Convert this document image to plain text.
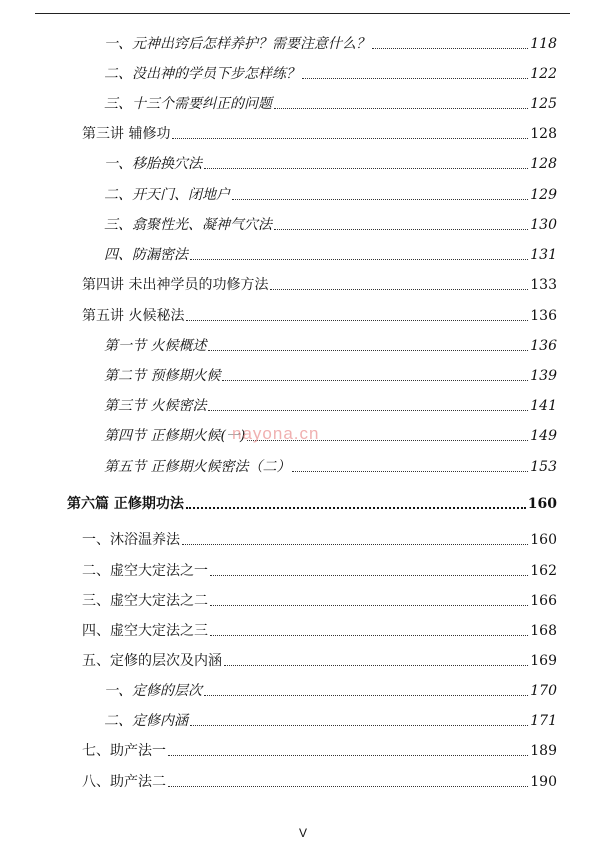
一、元神出窍后怎样养护？需要注意什么？	118
二、没出神的学员下步怎样练？	122
三、十三个需要纠正的问题	125
第三讲 辅修功	128
一、移胎换穴法	128
二、开天门、闭地户	129
三、翕聚性光、凝神气穴法	130
四、防漏密法	131
第四讲 未出神学员的功修方法	133
第五讲 火候秘法	136
第一节 火候概述	136
第二节 预修期火候	139
第三节 火候密法	141
第四节 正修期火候(一)	149
第五节 正修期火候密法（二）	153
第六篇 正修期功法	160
一、沐浴温养法	160
二、虚空大定法之一	162
三、虚空大定法之二	166
四、虚空大定法之三	168
五、定修的层次及内涵	169
一、定修的层次	170
二、定修内涵	171
七、助产法一	189
八、助产法二	190
nayona.cn
V
